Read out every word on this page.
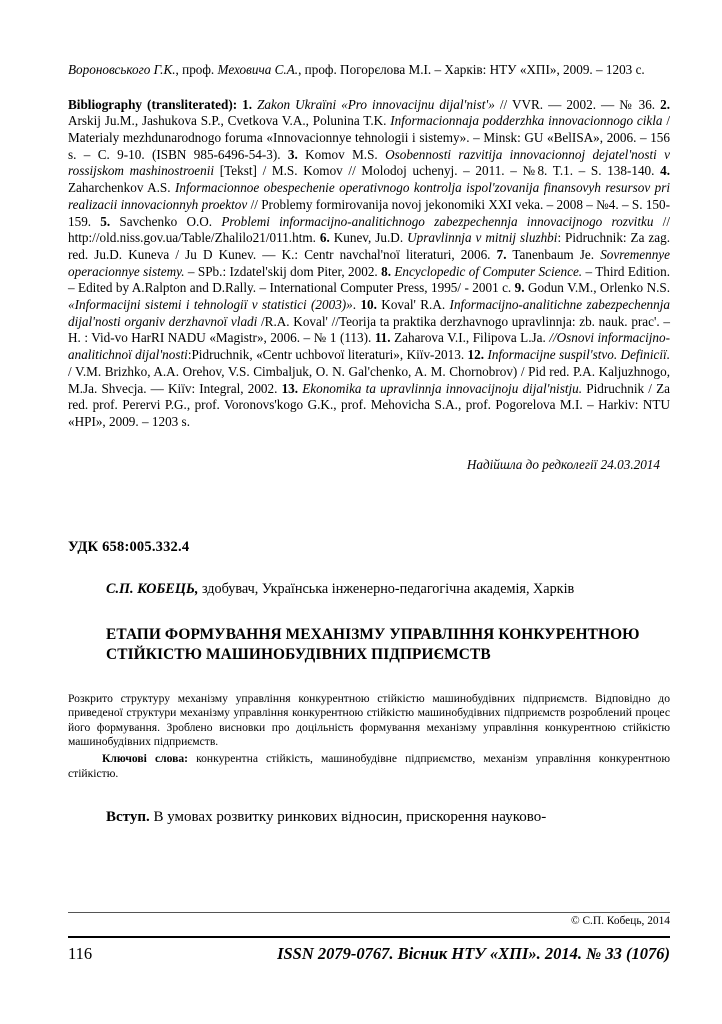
Вороновського Г.К., проф. Меховича С.А., проф. Погорєлова М.І. – Харків: НТУ «ХПІ», 2009. – 1203 с.

Bibliography (transliterated): 1. Zakon Ukraïni «Pro innovacijnu dijal'nist'» // VVR. — 2002. — № 36. 2. Arskij Ju.M., Jashukova S.P., Cvetkova V.A., Polunina T.K. Informacionnaja podderzhka innovacionnogo cikla / Materialy mezhdunarodnogo foruma «Innovacionnye tehnologii i sistemy». – Minsk: GU «BelISA», 2006. – 156 s. – C. 9-10. (ISBN 985-6496-54-3). 3. Komov M.S. Osobennosti razvitija innovacionnoj dejatel'nosti v rossijskom mashinostroenii [Tekst] / M.S. Komov // Molodoj uchenyj. – 2011. – №8. T.1. – S. 138-140. 4. Zaharchenkov A.S. Informacionnoe obespechenie operativnogo kontrolja ispol'zovanija finansovyh resursov pri realizacii innovacionnyh proektov // Problemy formirovanija novoj jekonomiki XXI veka. – 2008 – №4. – S. 150-159. 5. Savchenko O.O. Problemi informacijno-analitichnogo zabezpechennja innovacijnogo rozvitku // http://old.niss.gov.ua/Table/Zhalilo21/011.htm. 6. Kunev, Ju.D. Upravlinnja v mitnij sluzhbi: Pidruchnik: Za zag. red. Ju.D. Kuneva / Ju D Kunev. — K.: Centr navchal'noï literaturi, 2006. 7. Tanenbaum Je. Sovremennye operacionnye sistemy. – SPb.: Izdatel'skij dom Piter, 2002. 8. Encyclopedic of Computer Science. – Third Edition. – Edited by A.Ralpton and D.Rally. – International Computer Press, 1995/ - 2001 c. 9. Godun V.M., Orlenko N.S. «Informacijni sistemi i tehnologiï v statistici (2003)». 10. Koval' R.A. Informacijno-analitichne zabezpechennja dijal'nosti organiv derzhavnoï vladi /R.A. Koval' //Teorija ta praktika derzhavnogo upravlinnja: zb. nauk. prac'. – H. : Vid-vo HarRI NADU «Magistr», 2006. – № 1 (113). 11. Zaharova V.I., Filipova L.Ja. //Osnovi informacijno-analitichnoï dijal'nosti:Pidruchnik, «Centr uchbovoï literaturi», Kiïv-2013. 12. Informacijne suspil'stvo. Definiciï. / V.M. Brizhko, A.A. Orehov, V.S. Cimbaljuk, O. N. Gal'chenko, A. M. Chornobrov) / Pid red. P.A. Kaljuzhnogo, M.Ja. Shvecja. — Kiïv: Integral, 2002. 13. Ekonomika ta upravlinnja innovacijnoju dijal'nistju. Pidruchnik / Za red. prof. Perervi P.G., prof. Voronovs'kogo G.K., prof. Mehovicha S.A., prof. Pogorelova M.I. – Harkiv: NTU «HPI», 2009. – 1203 s.

Надійшла до редколегії 24.03.2014
УДК 658:005.332.4
С.П. КОБЕЦЬ, здобувач, Українська інженерно-педагогічна академія, Харків
ЕТАПИ ФОРМУВАННЯ МЕХАНІЗМУ УПРАВЛІННЯ КОНКУРЕНТНОЮ СТІЙКІСТЮ МАШИНОБУДІВНИХ ПІДПРИЄМСТВ

Розкрито структуру механізму управління конкурентною стійкістю машинобудівних підприємств. Відповідно до приведеної структури механізму управління конкурентною стійкістю машинобудівних підприємств розроблений процес його формування. Зроблено висновки про доцільність формування механізму управління конкурентною стійкістю машинобудівних підприємств.

Ключові слова: конкурентна стійкість, машинобудівне підприємство, механізм управління конкурентною стійкістю.

Вступ. В умовах розвитку ринкових відносин, прискорення науково-
© С.П. Кобець, 2014
116	ISSN 2079-0767. Вісник НТУ «ХПІ». 2014. № 33 (1076)
